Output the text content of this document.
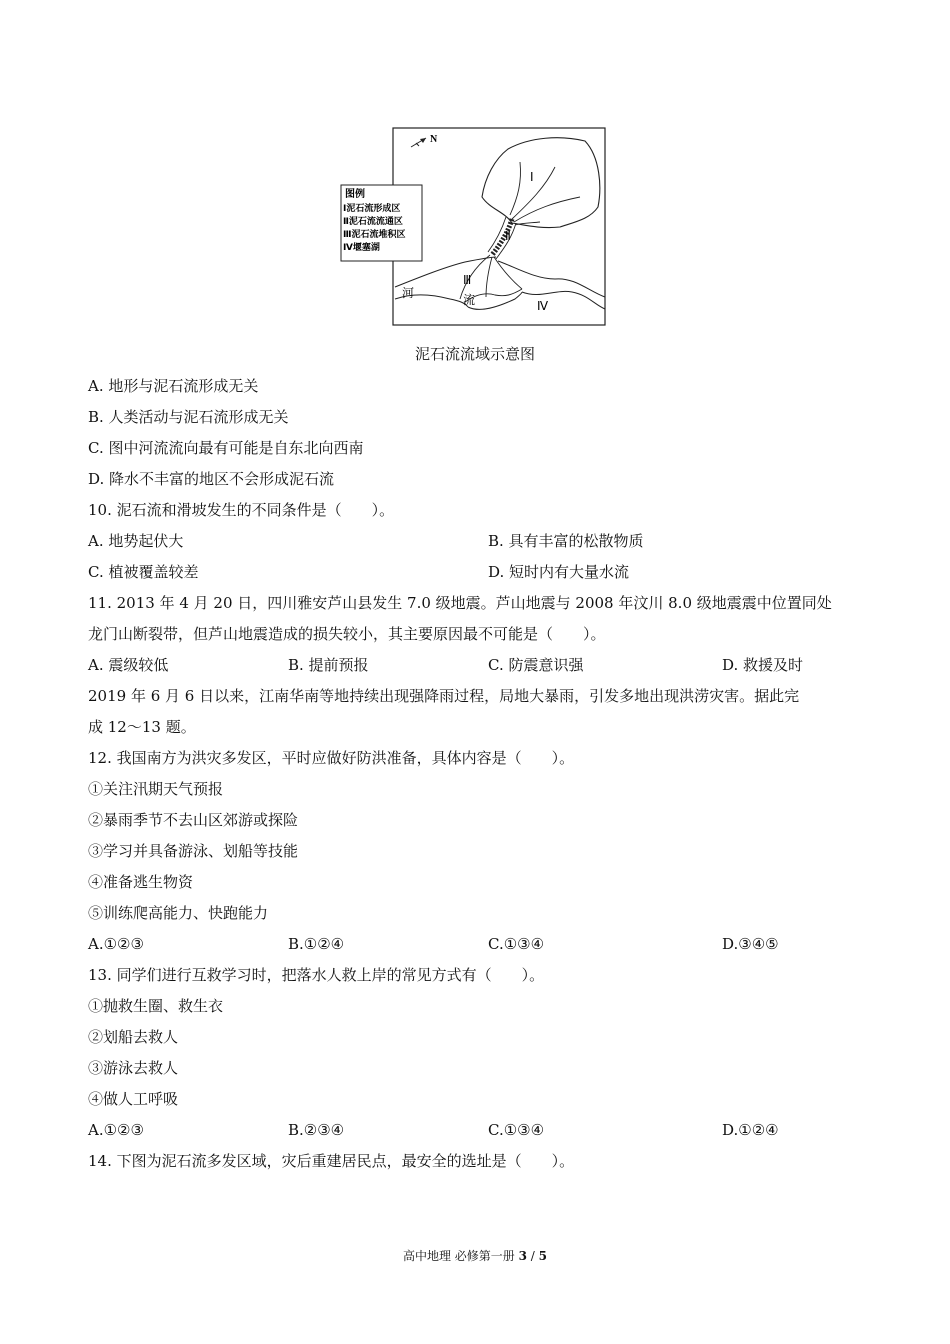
N
图例
Ⅰ泥石流形成区
Ⅱ泥石流流通区
Ⅲ泥石流堆积区
Ⅳ堰塞湖
Ⅰ
Ⅱ
Ⅲ
Ⅳ
河	流
泥石流流域示意图
A. 地形与泥石流形成无关
B. 人类活动与泥石流形成无关
C. 图中河流流向最有可能是自东北向西南
D. 降水不丰富的地区不会形成泥石流
10. 泥石流和滑坡发生的不同条件是（　　）。
A. 地势起伏大	B. 具有丰富的松散物质
C. 植被覆盖较差	D. 短时内有大量水流
11. 2013 年 4 月 20 日，四川雅安芦山县发生 7.0 级地震。芦山地震与 2008 年汶川 8.0 级地震震中位置同处
龙门山断裂带，但芦山地震造成的损失较小，其主要原因最不可能是（　　）。
A. 震级较低	B. 提前预报	C. 防震意识强	D. 救援及时
2019 年 6 月 6 日以来，江南华南等地持续出现强降雨过程，局地大暴雨，引发多地出现洪涝灾害。据此完
成 12～13 题。
12. 我国南方为洪灾多发区，平时应做好防洪准备，具体内容是（　　）。
①关注汛期天气预报
②暴雨季节不去山区郊游或探险
③学习并具备游泳、划船等技能
④准备逃生物资
⑤训练爬高能力、快跑能力
A.①②③	B.①②④	C.①③④	D.③④⑤
13. 同学们进行互救学习时，把落水人救上岸的常见方式有（　　）。
①抛救生圈、救生衣
②划船去救人
③游泳去救人
④做人工呼吸
A.①②③	B.②③④	C.①③④	D.①②④
14. 下图为泥石流多发区域，灾后重建居民点，最安全的选址是（　　）。
高中地理 必修第一册 3 / 5
